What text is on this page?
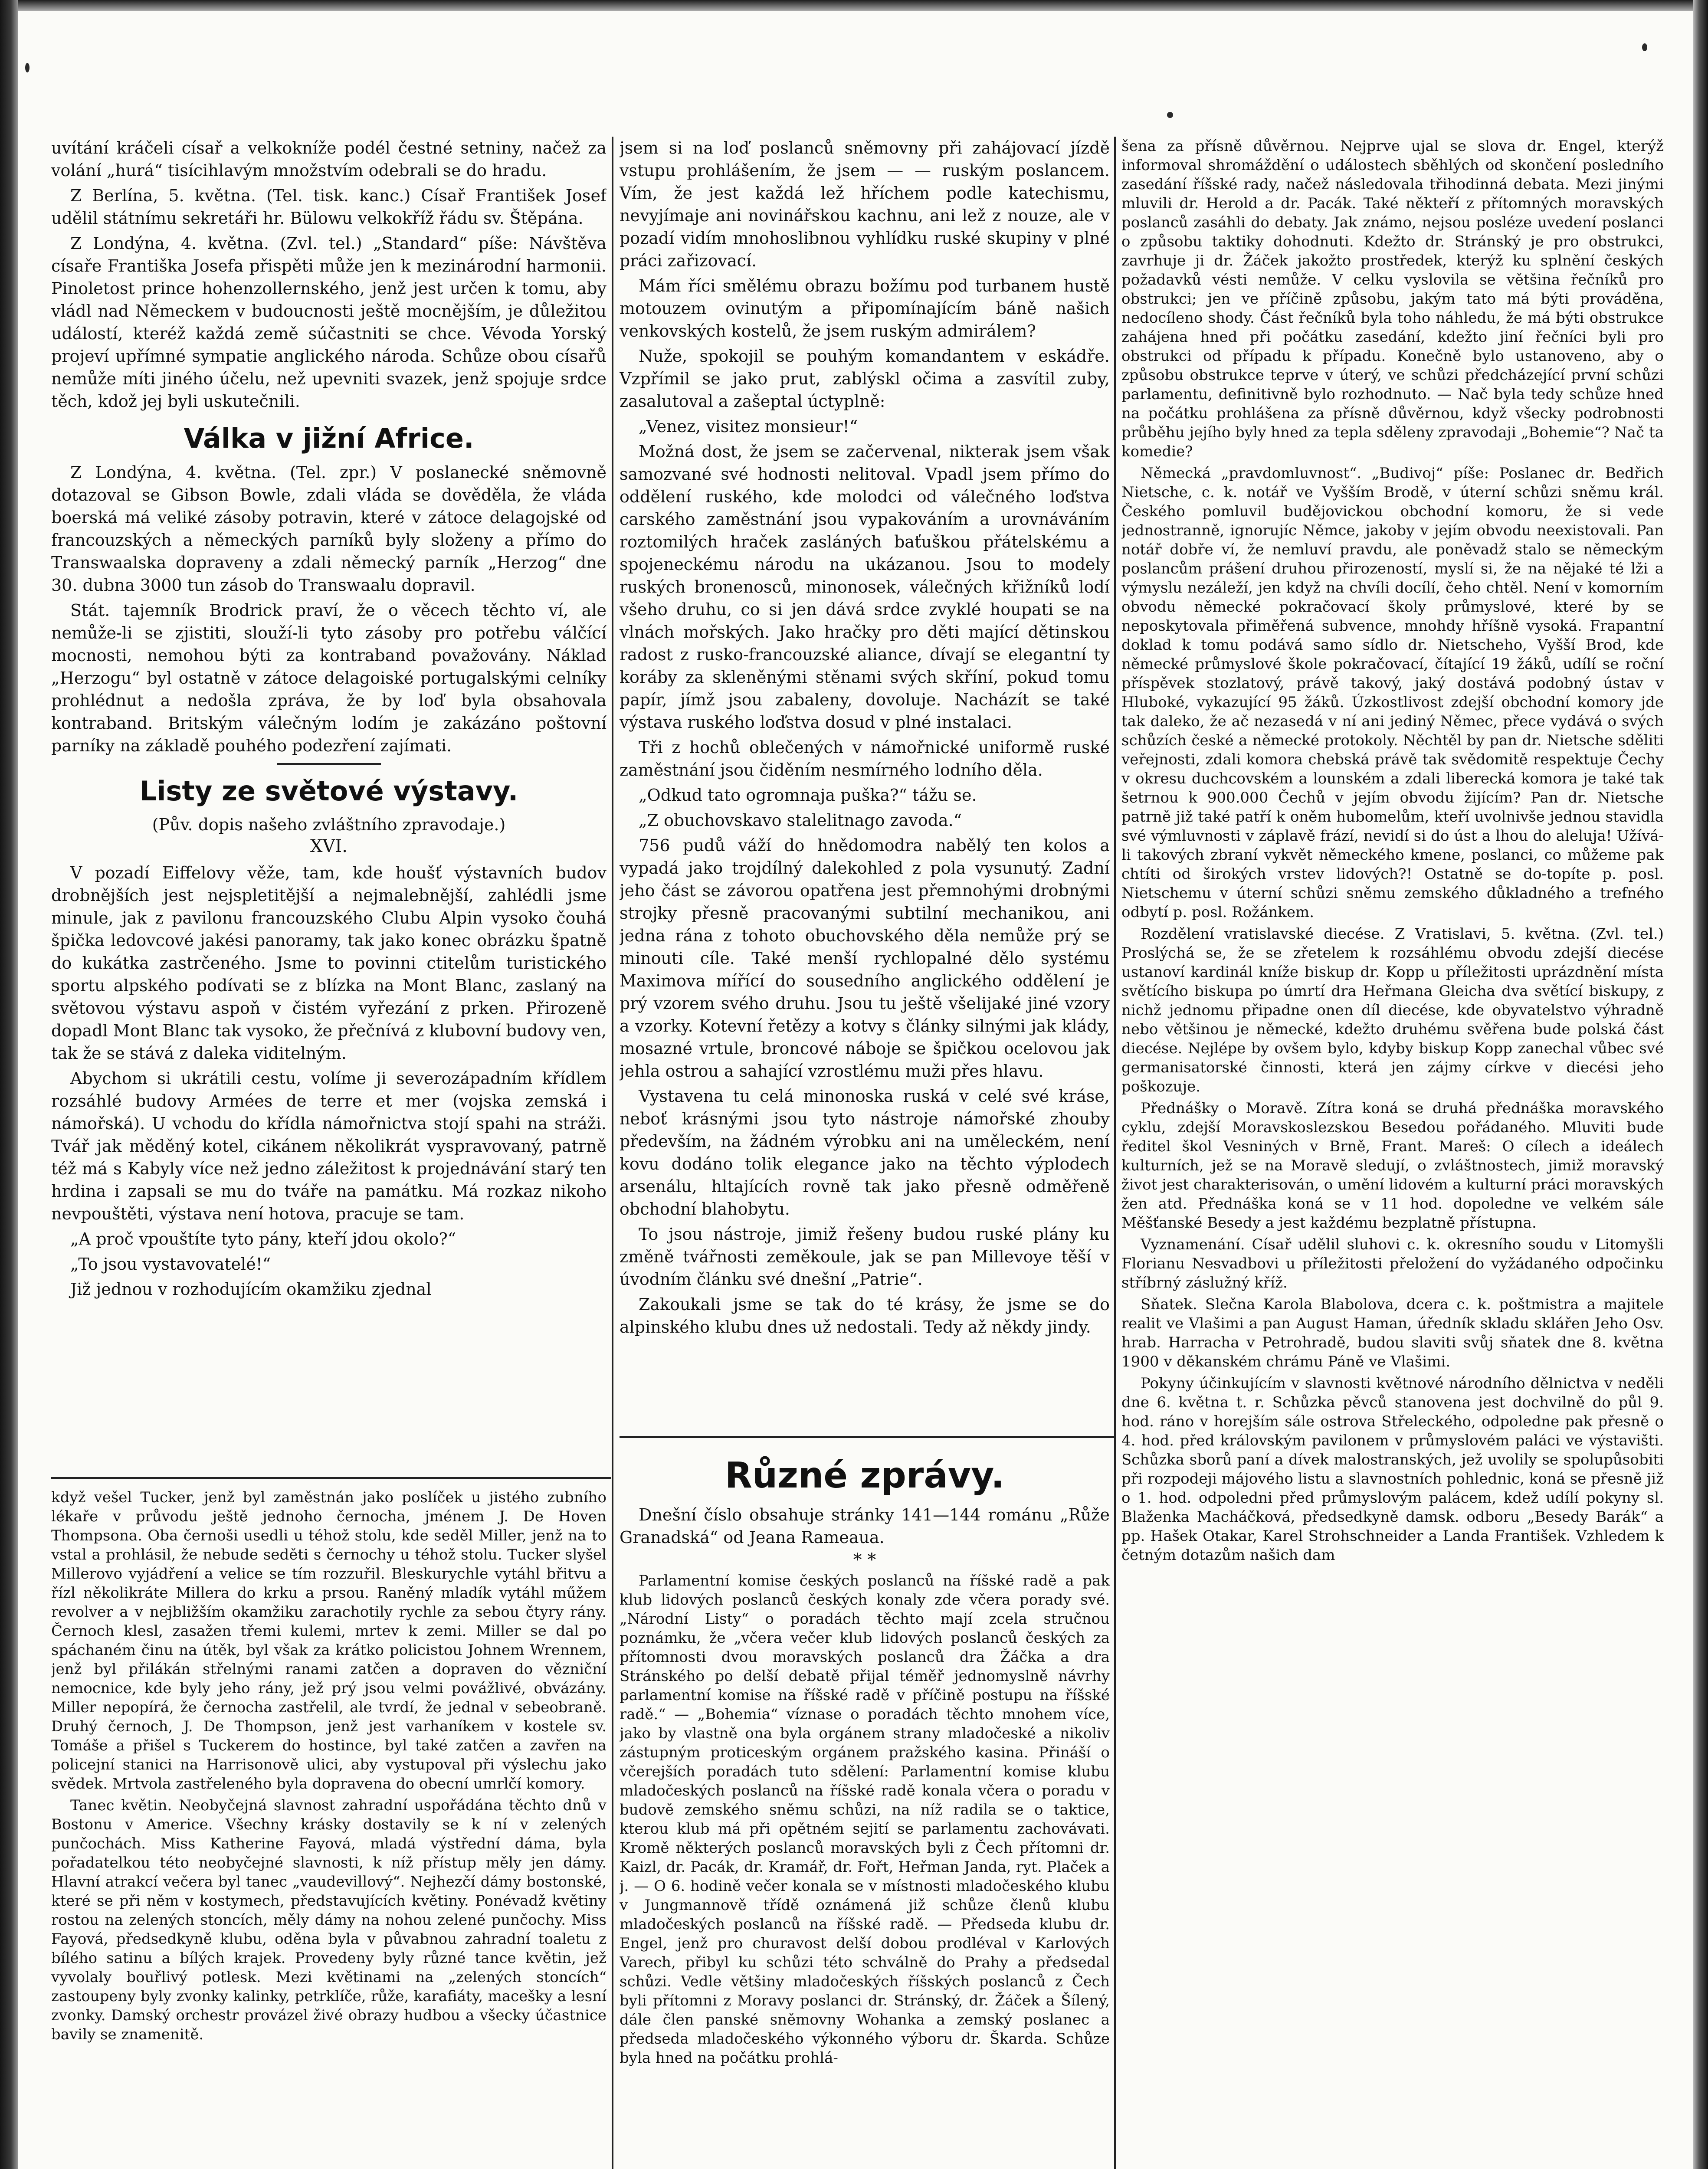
uvítání kráčeli císař a velkokníže podél čestné setniny, načež za volání „hurá“ tisícihlavým množstvím odebrali se do hradu.

Z Berlína, 5. května. (Tel. tisk. kanc.) Císař František Josef udělil státnímu sekretáři hr. Bülowu velkokříž řádu sv. Štěpána.

Z Londýna, 4. května. (Zvl. tel.) „Standard“ píše: Návštěva císaře Františka Josefa přispěti může jen k mezinárodní harmonii. Pinoletost prince hohenzollernského, jenž jest určen k tomu, aby vládl nad Německem v budoucnosti ještě mocnějším, je důležitou událostí, kteréž každá země súčastniti se chce. Vévoda Yorský projeví upřímné sympatie anglického národa. Schůze obou císařů nemůže míti jiného účelu, než upevniti svazek, jenž spojuje srdce těch, kdož jej byli uskutečnili.

Válka v jižní Africe.

Z Londýna, 4. května. (Tel. zpr.) V poslanecké sněmovně dotazoval se Gibson Bowle, zdali vláda se dověděla, že vláda boerská má veliké zásoby potravin, které v zátoce delagojské od francouzských a německých parníků byly složeny a přímo do Transwaalska dopraveny a zdali německý parník „Herzog“ dne 30. dubna 3000 tun zásob do Transwaalu dopravil.

Stát. tajemník Brodrick praví, že o věcech těchto ví, ale nemůže-li se zjistiti, slouží-li tyto zásoby pro potřebu válčící mocnosti, nemohou býti za kontraband považovány. Náklad „Herzogu“ byl ostatně v zátoce delagoiské portugalskými celníky prohlédnut a nedošla zpráva, že by loď byla obsahovala kontraband. Britským válečným lodím je zakázáno poštovní parníky na základě pouhého podezření zajímati.

Listy ze světové výstavy.

(Pův. dopis našeho zvláštního zpravodaje.)

XVI.

V pozadí Eiffelovy věže, tam, kde houšť výstavních budov drobnějších jest nejspletitější a nejmalebnější, zahlédli jsme minule, jak z pavilonu francouzského Clubu Alpin vysoko čouhá špička ledovcové jakési panoramy, tak jako konec obrázku špatně do kukátka zastrčeného. Jsme to povinni ctitelům turistického sportu alpského podívati se z blízka na Mont Blanc, zaslaný na světovou výstavu aspoň v čistém vyřezání z prken. Přirozeně dopadl Mont Blanc tak vysoko, že přečnívá z klubovní budovy ven, tak že se stává z daleka viditelným.

Abychom si ukrátili cestu, volíme ji severozápadním křídlem rozsáhlé budovy Armées de terre et mer (vojska zemská i námořská). U vchodu do křídla námořnictva stojí spahi na stráži. Tvář jak měděný kotel, cikánem několikrát vyspravovaný, patrně též má s Kabyly více než jedno záležitost k projednávání starý ten hrdina i zapsali se mu do tváře na památku. Má rozkaz nikoho nevpouštěti, výstava není hotova, pracuje se tam.

„A proč vpouštíte tyto pány, kteří jdou okolo?“

„To jsou vystavovatelé!“

Již jednou v rozhodujícím okamžiku zjednal

když vešel Tucker, jenž byl zaměstnán jako poslíček u jistého zubního lékaře v průvodu ještě jednoho černocha, jménem J. De Hoven Thompsona. Oba černoši usedli u téhož stolu, kde seděl Miller, jenž na to vstal a prohlásil, že nebude seděti s černochy u téhož stolu. Tucker slyšel Millerovo vyjádření a velice se tím rozzuřil. Bleskurychle vytáhl břitvu a řízl několikráte Millera do krku a prsou. Raněný mladík vytáhl műžem revolver a v nejbližším okamžiku zarachotily rychle za sebou čtyry rány. Černoch klesl, zasažen třemi kulemi, mrtev k zemi. Miller se dal po spáchaném činu na útěk, byl však za krátko policistou Johnem Wrennem, jenž byl přilákán střelnými ranami zatčen a dopraven do vězniční nemocnice, kde byly jeho rány, jež prý jsou velmi povážlivé, obvázány. Miller nepopírá, že černocha zastřelil, ale tvrdí, že jednal v sebeobraně. Druhý černoch, J. De Thompson, jenž jest varhaníkem v kostele sv. Tomáše a přišel s Tuckerem do hostince, byl také zatčen a zavřen na policejní stanici na Harrisonově ulici, aby vystupoval při výslechu jako svědek. Mrtvola zastřeleného byla dopravena do obecní umrlčí komory.

Tanec květin. Neobyčejná slavnost zahradní uspořádána těchto dnů v Bostonu v Americe. Všechny krásky dostavily se k ní v zelených punčochách. Miss Katherine Fayová, mladá výstřední dáma, byla pořadatelkou této neobyčejné slavnosti, k níž přístup měly jen dámy. Hlavní atrakcí večera byl tanec „vaudevillový“. Nejhezčí dámy bostonské, které se při něm v kostymech, představujících květiny. Ponévadž květiny rostou na zelených stoncích, měly dámy na nohou zelené punčochy. Miss Fayová, předsedkyně klubu, oděna byla v půvabnou zahradní toaletu z bílého satinu a bílých krajek. Provedeny byly různé tance květin, jež vyvolaly bouřlivý potlesk. Mezi květinami na „zelených stoncích“ zastoupeny byly zvonky kalinky, petrklíče, růže, karafiáty, macešky a lesní zvonky. Damský orchestr provázel živé obrazy hudbou a všecky účastnice bavily se znamenitě.

jsem si na loď poslanců sněmovny při zahájovací jízdě vstupu prohlášením, že jsem — — ruským poslancem. Vím, že jest každá lež hříchem podle katechismu, nevyjímaje ani novinářskou kachnu, ani lež z nouze, ale v pozadí vidím mnohoslibnou vyhlídku ruské skupiny v plné práci zařizovací.

Mám říci smělému obrazu božímu pod turbanem hustě motouzem ovinutým a připomínajícím báně našich venkovských kostelů, že jsem ruským admirálem?

Nuže, spokojil se pouhým komandantem v eskádře. Vzpřímil se jako prut, zablýskl očima a zasvítil zuby, zasalutoval a zašeptal úctyplně:

„Venez, visitez monsieur!“

Možná dost, že jsem se začervenal, nikterak jsem však samozvané své hodnosti nelitoval. Vpadl jsem přímo do oddělení ruského, kde molodci od válečného loďstva carského zaměstnání jsou vypakováním a urovnáváním roztomilých hraček zasláných baťuškou přátelskému a spojeneckému národu na ukázanou. Jsou to modely ruských bronenosců, minonosek, válečných křižníků lodí všeho druhu, co si jen dává srdce zvyklé houpati se na vlnách mořských. Jako hračky pro děti mající dětinskou radost z rusko-francouzské aliance, dívají se elegantní ty koráby za skleněnými stěnami svých skříní, pokud tomu papír, jímž jsou zabaleny, dovoluje. Nacházít se také výstava ruského loďstva dosud v plné instalaci.

Tři z hochů oblečených v námořnické uniformě ruské zaměstnání jsou čiděním nesmírného lodního děla.

„Odkud tato ogromnaja puška?“ tážu se.

„Z obuchovskavo stalelitnago zavoda.“

756 pudů váží do hnědomodra nabělý ten kolos a vypadá jako trojdílný dalekohled z pola vysunutý. Zadní jeho část se závorou opatřena jest přemnohými drobnými strojky přesně pracovanými subtilní mechanikou, ani jedna rána z tohoto obuchovského děla nemůže prý se minouti cíle. Také menší rychlopalné dělo systému Maximova mířící do sousedního anglického oddělení je prý vzorem svého druhu. Jsou tu ještě všelijaké jiné vzory a vzorky. Kotevní řetězy a kotvy s články silnými jak klády, mosazné vrtule, broncové náboje se špičkou ocelovou jak jehla ostrou a sahající vzrostlému muži přes hlavu.

Vystavena tu celá minonoska ruská v celé své kráse, neboť krásnými jsou tyto nástroje námořské zhouby především, na žádném výrobku ani na uměleckém, není kovu dodáno tolik elegance jako na těchto výplodech arsenálu, hltajících rovně tak jako přesně odměřeně obchodní blahobytu.

To jsou nástroje, jimiž řešeny budou ruské plány ku změně tvářnosti zeměkoule, jak se pan Millevoye těší v úvodním článku své dnešní „Patrie“.

Zakoukali jsme se tak do té krásy, že jsme se do alpinského klubu dnes už nedostali. Tedy až někdy jindy.

Různé zprávy.

Dnešní číslo obsahuje stránky 141—144 románu „Růže Granadská“ od Jeana Rameaua.

* *

Parlamentní komise českých poslanců na říšské radě a pak klub lidových poslanců českých konaly zde včera porady své. „Národní Listy“ o poradách těchto mají zcela stručnou poznámku, že „včera večer klub lidových poslanců českých za přítomnosti dvou moravských poslanců dra Žáčka a dra Stránského po delší debatě přijal téměř jednomyslně návrhy parlamentní komise na říšské radě v příčině postupu na říšské radě.“ — „Bohemia“ víznase o poradách těchto mnohem více, jako by vlastně ona byla orgánem strany mladočeské a nikoliv zástupným proticeským orgánem pražského kasina. Přináší o včerejších poradách tuto sdělení: Parlamentní komise klubu mladočeských poslanců na říšské radě konala včera o poradu v budově zemského sněmu schůzi, na níž radila se o taktice, kterou klub má při opětném sejití se parlamentu zachovávati. Kromě některých poslanců moravských byli z Čech přítomni dr. Kaizl, dr. Pacák, dr. Kramář, dr. Fořt, Heřman Janda, ryt. Plaček a j. — O 6. hodině večer konala se v místnosti mladočeského klubu v Jungmannově třídě oznámená již schůze členů klubu mladočeských poslanců na říšské radě. — Předseda klubu dr. Engel, jenž pro churavost delší dobou prodléval v Karlových Varech, přibyl ku schůzi této schválně do Prahy a předsedal schůzi. Vedle většiny mladočeských říšských poslanců z Čech byli přítomni z Moravy poslanci dr. Stránský, dr. Žáček a Šílený, dále člen panské sněmovny Wohanka a zemský poslanec a předseda mladočeského výkonného výboru dr. Škarda. Schůze byla hned na počátku prohlá-

šena za přísně důvěrnou. Nejprve ujal se slova dr. Engel, kterýž informoval shromáždění o událostech sběhlých od skončení posledního zasedání říšské rady, načež následovala třihodinná debata. Mezi jinými mluvili dr. Herold a dr. Pacák. Také někteří z přítomných moravských poslanců zasáhli do debaty. Jak známo, nejsou posléze uvedení poslanci o způsobu taktiky dohodnuti. Kdežto dr. Stránský je pro obstrukci, zavrhuje ji dr. Žáček jakožto prostředek, kterýž ku splnění českých požadavků vésti nemůže. V celku vyslovila se většina řečníků pro obstrukci; jen ve příčině způsobu, jakým tato má býti prováděna, nedocíleno shody. Část řečníků byla toho náhledu, že má býti obstrukce zahájena hned při počátku zasedání, kdežto jiní řečníci byli pro obstrukci od případu k případu. Konečně bylo ustanoveno, aby o způsobu obstrukce teprve v úterý, ve schůzi předcházející první schůzi parlamentu, definitivně bylo rozhodnuto. — Nač byla tedy schůze hned na počátku prohlášena za přísně důvěrnou, když všecky podrobnosti průběhu jejího byly hned za tepla sděleny zpravodaji „Bohemie“? Nač ta komedie?

Německá „pravdomluvnost“. „Budivoj“ píše: Poslanec dr. Bedřich Nietsche, c. k. notář ve Vyšším Brodě, v úterní schůzi sněmu král. Českého pomluvil budějovickou obchodní komoru, že si vede jednostranně, ignorujíc Němce, jakoby v jejím obvodu neexistovali. Pan notář dobře ví, že nemluví pravdu, ale poněvadž stalo se německým poslancům prášení druhou přirozeností, myslí si, že na nějaké té lži a výmyslu nezáleží, jen když na chvíli docílí, čeho chtěl. Není v komorním obvodu německé pokračovací školy průmyslové, které by se neposkytovala přiměřená subvence, mnohdy hříšně vysoká. Frapantní doklad k tomu podává samo sídlo dr. Nietscheho, Vyšší Brod, kde německé průmyslové škole pokračovací, čítající 19 žáků, udílí se roční příspěvek stozlatový, právě takový, jaký dostává podobný ústav v Hluboké, vykazující 95 žáků. Úzkostlivost zdejší obchodní komory jde tak daleko, že ač nezasedá v ní ani jediný Němec, přece vydává o svých schůzích české a německé protokoly. Něchtěl by pan dr. Nietsche sděliti veřejnosti, zdali komora chebská právě tak svědomitě respektuje Čechy v okresu duchcovském a lounském a zdali liberecká komora je také tak šetrnou k 900.000 Čechů v jejím obvodu žijícím? Pan dr. Nietsche patrně již také patří k oněm hubomelům, kteří uvolnivše jednou stavidla své výmluvnosti v záplavě frází, nevidí si do úst a lhou do aleluja! Užívá-li takových zbraní vykvět německého kmene, poslanci, co můžeme pak chtíti od širokých vrstev lidových?! Ostatně se do-topíte p. posl. Nietschemu v úterní schůzi sněmu zemského důkladného a trefného odbytí p. posl. Rožánkem.

Rozdělení vratislavské diecése. Z Vratislavi, 5. května. (Zvl. tel.) Proslýchá se, že se zřetelem k rozsáhlému obvodu zdejší diecése ustanoví kardinál kníže biskup dr. Kopp u příležitosti uprázdnění místa světícího biskupa po úmrtí dra Heřmana Gleicha dva světící biskupy, z nichž jednomu připadne onen díl diecése, kde obyvatelstvo výhradně nebo většinou je německé, kdežto druhému svěřena bude polská část diecése. Nejlépe by ovšem bylo, kdyby biskup Kopp zanechal vůbec své germanisatorské činnosti, která jen zájmy církve v diecési jeho poškozuje.

Přednášky o Moravě. Zítra koná se druhá přednáška moravského cyklu, zdejší Moravskoslezskou Besedou pořádaného. Mluviti bude ředitel škol Vesniných v Brně, Frant. Mareš: O cílech a ideálech kulturních, jež se na Moravě sledují, o zvláštnostech, jimiž moravský život jest charakterisován, o umění lidovém a kulturní práci moravských žen atd. Přednáška koná se v 11 hod. dopoledne ve velkém sále Měšťanské Besedy a jest každému bezplatně přístupna.

Vyznamenání. Císař udělil sluhovi c. k. okresního soudu v Litomyšli Florianu Nesvadbovi u příležitosti přeložení do vyžádaného odpočinku stříbrný záslužný kříž.

Sňatek. Slečna Karola Blabolova, dcera c. k. poštmistra a majitele realit ve Vlašimi a pan August Haman, úředník skladu sklářen Jeho Osv. hrab. Harracha v Petrohradě, budou slaviti svůj sňatek dne 8. května 1900 v děkanském chrámu Páně ve Vlašimi.

Pokyny účinkujícím v slavnosti květnové národního dělnictva v neděli dne 6. května t. r. Schůzka pěvců stanovena jest dochvilně do půl 9. hod. ráno v horejším sále ostrova Střeleckého, odpoledne pak přesně o 4. hod. před královským pavilonem v průmyslovém paláci ve výstavišti. Schůzka sborů paní a dívek malostranských, jež uvolily se spolupůsobiti při rozpodeji májového listu a slavnostních pohlednic, koná se přesně již o 1. hod. odpoledni před průmyslovým palácem, kdež udílí pokyny sl. Blaženka Macháčková, předsedkyně damsk. odboru „Besedy Barák“ a pp. Hašek Otakar, Karel Strohschneider a Landa František. Vzhledem k četným dotazům našich dam
